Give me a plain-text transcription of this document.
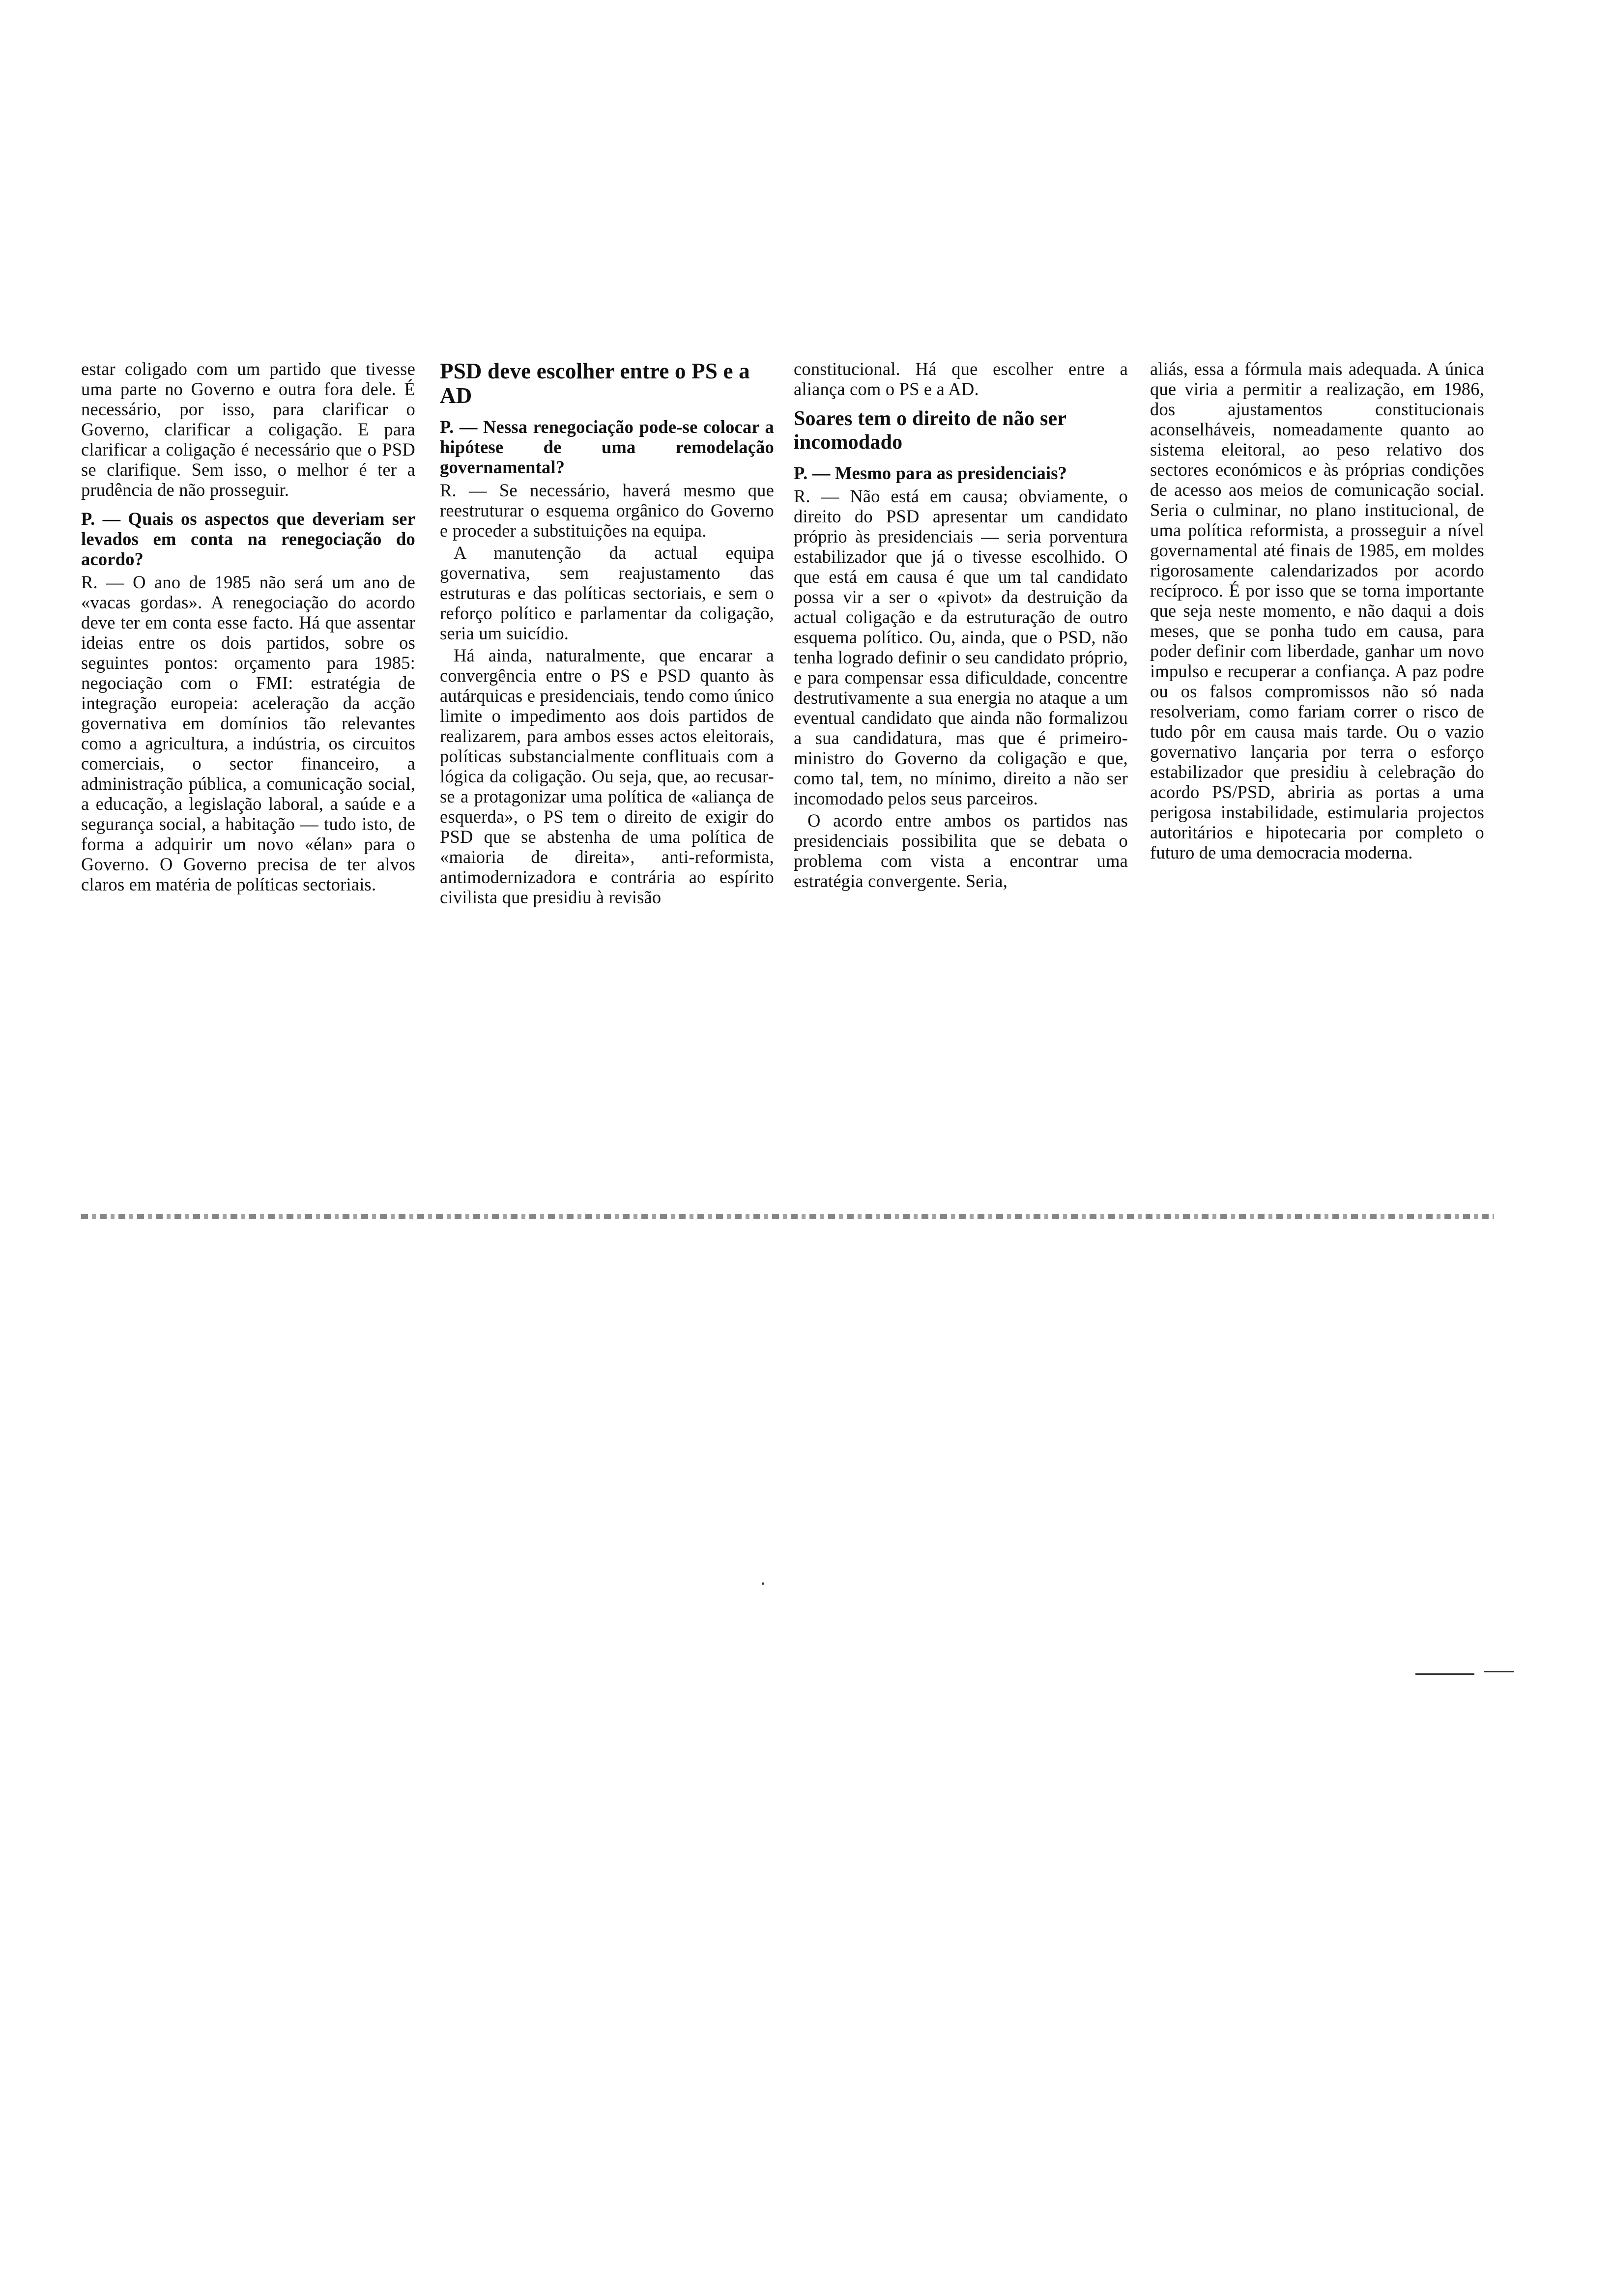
estar coligado com um partido que tivesse uma parte no Governo e outra fora dele. É necessário, por isso, para clarificar o Governo, clarificar a coligação. E para clarificar a coligação é necessário que o PSD se clarifique. Sem isso, o melhor é ter a prudência de não prosseguir.

P. — Quais os aspectos que deveriam ser levados em conta na renegociação do acordo?

R. — O ano de 1985 não será um ano de «vacas gordas». A renegociação do acordo deve ter em conta esse facto. Há que assentar ideias entre os dois partidos, sobre os seguintes pontos: orçamento para 1985: negociação com o FMI: estratégia de integração europeia: aceleração da acção governativa em domínios tão relevantes como a agricultura, a indústria, os circuitos comerciais, o sector financeiro, a administração pública, a comunicação social, a educação, a legislação laboral, a saúde e a segurança social, a habitação — tudo isto, de forma a adquirir um novo «élan» para o Governo. O Governo precisa de ter alvos claros em matéria de políticas sectoriais.

PSD deve escolher entre o PS e a AD

P. — Nessa renegociação pode-se colocar a hipótese de uma remodelação governamental?

R. — Se necessário, haverá mesmo que reestruturar o esquema orgânico do Governo e proceder a substituições na equipa.

A manutenção da actual equipa governativa, sem reajustamento das estruturas e das políticas sectoriais, e sem o reforço político e parlamentar da coligação, seria um suicídio.

Há ainda, naturalmente, que encarar a convergência entre o PS e PSD quanto às autárquicas e presidenciais, tendo como único limite o impedimento aos dois partidos de realizarem, para ambos esses actos eleitorais, políticas substancialmente conflituais com a lógica da coligação. Ou seja, que, ao recusar-se a protagonizar uma política de «aliança de esquerda», o PS tem o direito de exigir do PSD que se abstenha de uma política de «maioria de direita», anti-reformista, antimodernizadora e contrária ao espírito civilista que presidiu à revisão

constitucional. Há que escolher entre a aliança com o PS e a AD.

Soares tem o direito de não ser incomodado

P. — Mesmo para as presidenciais?

R. — Não está em causa; obviamente, o direito do PSD apresentar um candidato próprio às presidenciais — seria porventura estabilizador que já o tivesse escolhido. O que está em causa é que um tal candidato possa vir a ser o «pivot» da destruição da actual coligação e da estruturação de outro esquema político. Ou, ainda, que o PSD, não tenha logrado definir o seu candidato próprio, e para compensar essa dificuldade, concentre destrutivamente a sua energia no ataque a um eventual candidato que ainda não formalizou a sua candidatura, mas que é primeiro-ministro do Governo da coligação e que, como tal, tem, no mínimo, direito a não ser incomodado pelos seus parceiros.

O acordo entre ambos os partidos nas presidenciais possibilita que se debata o problema com vista a encontrar uma estratégia convergente. Seria,

aliás, essa a fórmula mais adequada. A única que viria a permitir a realização, em 1986, dos ajustamentos constitucionais aconselháveis, nomeadamente quanto ao sistema eleitoral, ao peso relativo dos sectores económicos e às próprias condições de acesso aos meios de comunicação social. Seria o culminar, no plano institucional, de uma política reformista, a prosseguir a nível governamental até finais de 1985, em moldes rigorosamente calendarizados por acordo recíproco. É por isso que se torna importante que seja neste momento, e não daqui a dois meses, que se ponha tudo em causa, para poder definir com liberdade, ganhar um novo impulso e recuperar a confiança. A paz podre ou os falsos compromissos não só nada resolveriam, como fariam correr o risco de tudo pôr em causa mais tarde. Ou o vazio governativo lançaria por terra o esforço estabilizador que presidiu à celebração do acordo PS/PSD, abriria as portas a uma perigosa instabilidade, estimularia projectos autoritários e hipotecaria por completo o futuro de uma democracia moderna.
